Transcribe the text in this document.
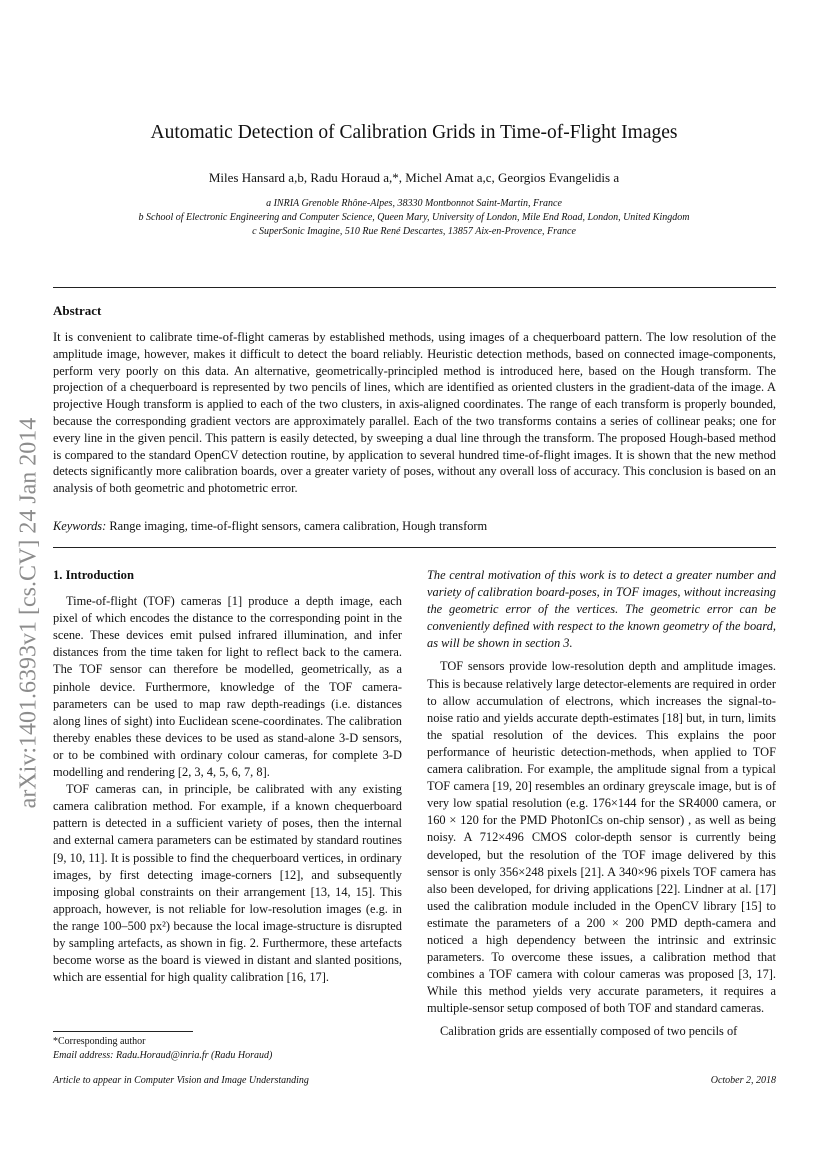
Automatic Detection of Calibration Grids in Time-of-Flight Images
Miles Hansard a,b, Radu Horaud a,*, Michel Amat a,c, Georgios Evangelidis a
a INRIA Grenoble Rhône-Alpes, 38330 Montbonnot Saint-Martin, France
b School of Electronic Engineering and Computer Science, Queen Mary, University of London, Mile End Road, London, United Kingdom
c SuperSonic Imagine, 510 Rue René Descartes, 13857 Aix-en-Provence, France
Abstract
It is convenient to calibrate time-of-flight cameras by established methods, using images of a chequerboard pattern. The low resolution of the amplitude image, however, makes it difficult to detect the board reliably. Heuristic detection methods, based on connected image-components, perform very poorly on this data. An alternative, geometrically-principled method is introduced here, based on the Hough transform. The projection of a chequerboard is represented by two pencils of lines, which are identified as oriented clusters in the gradient-data of the image. A projective Hough transform is applied to each of the two clusters, in axis-aligned coordinates. The range of each transform is properly bounded, because the corresponding gradient vectors are approximately parallel. Each of the two transforms contains a series of collinear peaks; one for every line in the given pencil. This pattern is easily detected, by sweeping a dual line through the transform. The proposed Hough-based method is compared to the standard OpenCV detection routine, by application to several hundred time-of-flight images. It is shown that the new method detects significantly more calibration boards, over a greater variety of poses, without any overall loss of accuracy. This conclusion is based on an analysis of both geometric and photometric error.
Keywords: Range imaging, time-of-flight sensors, camera calibration, Hough transform
arXiv:1401.6393v1 [cs.CV] 24 Jan 2014 1. Introduction

Time-of-flight (TOF) cameras [1] produce a depth image, each pixel of which encodes the distance to the corresponding point in the scene. These devices emit pulsed infrared illumination, and infer distances from the time taken for light to reflect back to the camera. The TOF sensor can therefore be modelled, geometrically, as a pinhole device. Furthermore, knowledge of the TOF camera-parameters can be used to map raw depth-readings (i.e. distances along lines of sight) into Euclidean scene-coordinates. The calibration thereby enables these devices to be used as stand-alone 3-D sensors, or to be combined with ordinary colour cameras, for complete 3-D modelling and rendering [2, 3, 4, 5, 6, 7, 8].

TOF cameras can, in principle, be calibrated with any existing camera calibration method. For example, if a known chequerboard pattern is detected in a sufficient variety of poses, then the internal and external camera parameters can be estimated by standard routines [9, 10, 11]. It is possible to find the chequerboard vertices, in ordinary images, by first detecting image-corners [12], and subsequently imposing global constraints on their arrangement [13, 14, 15]. This approach, however, is not reliable for low-resolution images (e.g. in the range 100–500 px²) because the local image-structure is disrupted by sampling artefacts, as shown in fig. 2. Furthermore, these artefacts become worse as the board is viewed in distant and slanted positions, which are essential for high quality calibration [16, 17].

The central motivation of this work is to detect a greater number and variety of calibration board-poses, in TOF images, without increasing the geometric error of the vertices. The geometric error can be conveniently defined with respect to the known geometry of the board, as will be shown in section 3.

TOF sensors provide low-resolution depth and amplitude images. This is because relatively large detector-elements are required in order to allow accumulation of electrons, which increases the signal-to-noise ratio and yields accurate depth-estimates [18] but, in turn, limits the spatial resolution of the devices. This explains the poor performance of heuristic detection-methods, when applied to TOF camera calibration. For example, the amplitude signal from a typical TOF camera [19, 20] resembles an ordinary greyscale image, but is of very low spatial resolution (e.g. 176×144 for the SR4000 camera, or 160 × 120 for the PMD PhotonICs on-chip sensor) , as well as being noisy. A 712×496 CMOS color-depth sensor is currently being developed, but the resolution of the TOF image delivered by this sensor is only 356×248 pixels [21]. A 340×96 pixels TOF camera has also been developed, for driving applications [22]. Lindner at al. [17] used the calibration module included in the OpenCV library [15] to estimate the parameters of a 200 × 200 PMD depth-camera and noticed a high dependency between the intrinsic and extrinsic parameters. To overcome these issues, a calibration method that combines a TOF camera with colour cameras was proposed [3, 17]. While this method yields very accurate parameters, it requires a multiple-sensor setup composed of both TOF and standard cameras.

Calibration grids are essentially composed of two pencils of

*Corresponding author
Email address: Radu.Horaud@inria.fr (Radu Horaud)
Article to appear in Computer Vision and Image Understanding	October 2, 2018
